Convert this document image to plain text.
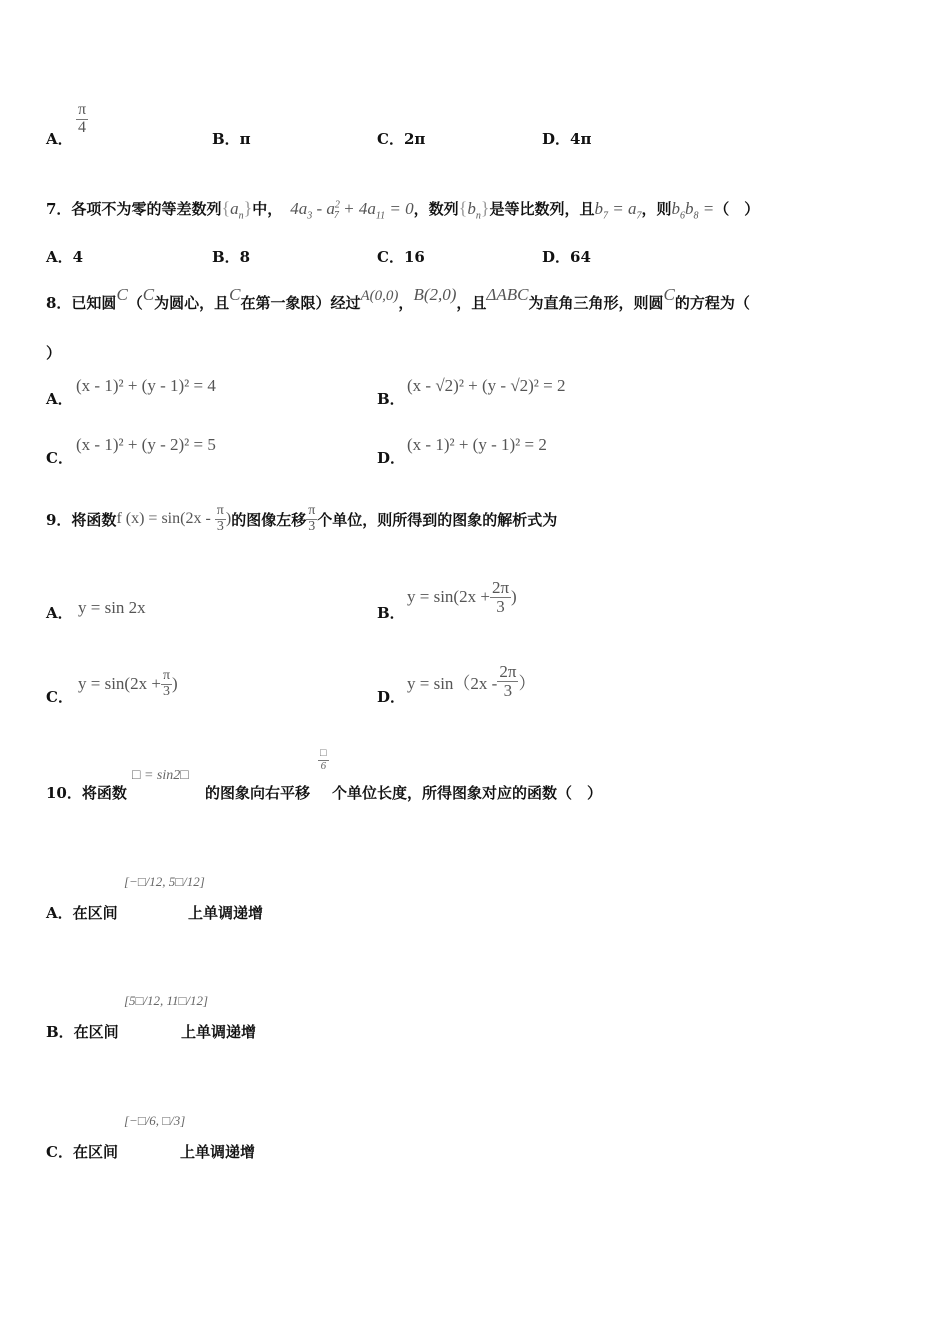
A．
$\frac{\pi}{4}$
B．π	C．2π	D．4π
7．各项不为零的等差数列$\{a_n\}$中， $4a_3 - a^2_7 + 4a_{11} = 0$，数列$\{b_n\}$是等比数列，且$b_7 = a_7$，则$b_6b_8$ =（　）
A．4	B．8	C．16	D．64
8．已知圆C（C为圆心，且C在第一象限）经过A(0,0)，B(2,0)，且ΔABC为直角三角形，则圆C的方程为（
）
A．
(x - 1)² + (y - 1)² = 4
B．
(x - √2)² + (y - √2)² = 2
C．
(x - 1)² + (y - 2)² = 5
D．
(x - 1)² + (y - 1)² = 2
9．将函数 f $(x) = \sin(2x - \frac{\pi}{3}$ ) 的图像左移 $\frac{\pi}{3}$ 个单位，则所得到的图象的解析式为
A． y = sin 2x	B．
$y = \sin(2x + \frac{2\pi}{3}$ )
C．
$y = \sin(2x + \frac{\pi}{3}$ )
D．
$y = \sin(2x - \frac{2\pi}{3}$ ）
10．将函数
□ = sin2□
的图象向右平移
$\frac{□}{6}$
个单位长度，所得图象对应的函数（　）
A．在区间
[−□/12, 5□/12]
上单调递增
B．在区间
[5□/12, 11□/12]
上单调递增
C．在区间
[−□/6, □/3]
上单调递增
